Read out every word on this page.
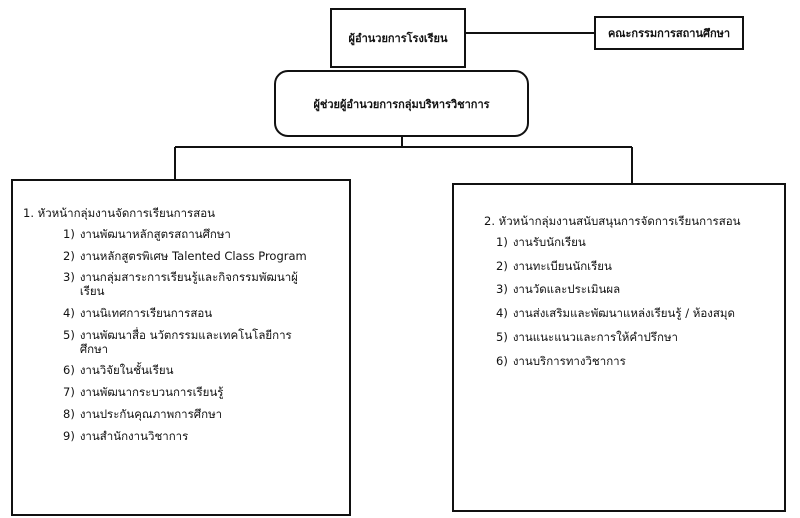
ผู้อำนวยการโรงเรียน	คณะกรรมการสถานศึกษา
ผู้ช่วยผู้อำนวยการกลุ่มบริหารวิชาการ
1. หัวหน้ากลุ่มงานจัดการเรียนการสอน
1) งานพัฒนาหลักสูตรสถานศึกษา
2) งานหลักสูตรพิเศษ Talented Class Program
3) งานกลุ่มสาระการเรียนรู้และกิจกรรมพัฒนาผู้เรียน
4) งานนิเทศการเรียนการสอน
5) งานพัฒนาสื่อ นวัตกรรมและเทคโนโลยีการศึกษา
6) งานวิจัยในชั้นเรียน
7) งานพัฒนากระบวนการเรียนรู้
8) งานประกันคุณภาพการศึกษา
9) งานสำนักงานวิชาการ
2. หัวหน้ากลุ่มงานสนับสนุนการจัดการเรียนการสอน
1) งานรับนักเรียน
2) งานทะเบียนนักเรียน
3) งานวัดและประเมินผล
4) งานส่งเสริมและพัฒนาแหล่งเรียนรู้ / ห้องสมุด
5) งานแนะแนวและการให้คำปรึกษา
6) งานบริการทางวิชาการ
